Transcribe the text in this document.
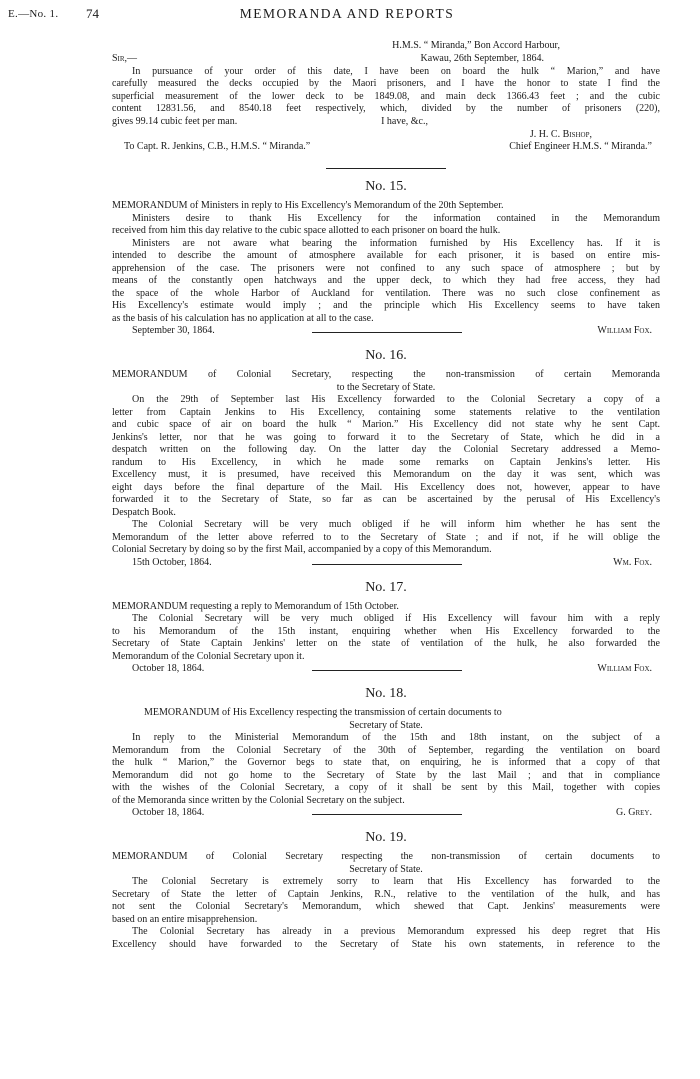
MEMORANDA AND REPORTS
E.—No. 1. 74
H.M.S. “ Miranda,” Bon Accord Harbour,
Sir,—	Kawau, 26th September, 1864.
In pursuance of your order of this date, I have been on board the hulk “ Marion,” and have
carefully measured the decks occupied by the Maori prisoners, and I have the honor to state I find the
superficial measurement of the lower deck to be 1849.08, and main deck 1366.43 feet ; and the cubic
content 12831.56, and 8540.18 feet respectively, which, divided by the number of prisoners (220),
gives 99.14 cubic feet per man.	I have, &c.,
J. H. C. Bishop,
To Capt. R. Jenkins, C.B., H.M.S. “ Miranda.”	Chief Engineer H.M.S. “ Miranda.”
No. 15.
MEMORANDUM of Ministers in reply to His Excellency's Memorandum of the 20th September.
Ministers desire to thank His Excellency for the information contained in the Memorandum
received from him this day relative to the cubic space allotted to each prisoner on board the hulk.
Ministers are not aware what bearing the information furnished by His Excellency has. If it is
intended to describe the amount of atmosphere available for each prisoner, it is based on entire mis-
apprehension of the case. The prisoners were not confined to any such space of atmosphere ; but by
means of the constantly open hatchways and the upper deck, to which they had free access, they had
the space of the whole Harbor of Auckland for ventilation. There was no such close confinement as
His Excellency's estimate would imply ; and the principle which His Excellency seems to have taken
as the basis of his calculation has no application at all to the case.
September 30, 1864.	William Fox.
No. 16.
MEMORANDUM of Colonial Secretary, respecting the non-transmission of certain Memoranda
to the Secretary of State.
On the 29th of September last His Excellency forwarded to the Colonial Secretary a copy of a
letter from Captain Jenkins to His Excellency, containing some statements relative to the ventilation
and cubic space of air on board the hulk “ Marion.” His Excellency did not state why he sent Capt.
Jenkins's letter, nor that he was going to forward it to the Secretary of State, which he did in a
despatch written on the following day. On the latter day the Colonial Secretary addressed a Memo-
randum to His Excellency, in which he made some remarks on Captain Jenkins's letter. His
Excellency must, it is presumed, have received this Memorandum on the day it was sent, which was
eight days before the final departure of the Mail. His Excellency does not, however, appear to have
forwarded it to the Secretary of State, so far as can be ascertained by the perusal of His Excellency's
Despatch Book.
The Colonial Secretary will be very much obliged if he will inform him whether he has sent the
Memorandum of the letter above referred to to the Secretary of State ; and if not, if he will oblige the
Colonial Secretary by doing so by the first Mail, accompanied by a copy of this Memorandum.
15th October, 1864.	Wm. Fox.
No. 17.
MEMORANDUM requesting a reply to Memorandum of 15th October.
The Colonial Secretary will be very much obliged if His Excellency will favour him with a reply
to his Memorandum of the 15th instant, enquiring whether when His Excellency forwarded to the
Secretary of State Captain Jenkins' letter on the state of ventilation of the hulk, he also forwarded the
Memorandum of the Colonial Secretary upon it.
October 18, 1864.	William Fox.
No. 18.
MEMORANDUM of His Excellency respecting the transmission of certain documents to
Secretary of State.
In reply to the Ministerial Memorandum of the 15th and 18th instant, on the subject of a
Memorandum from the Colonial Secretary of the 30th of September, regarding the ventilation on board
the hulk “ Marion,” the Governor begs to state that, on enquiring, he is informed that a copy of that
Memorandum did not go home to the Secretary of State by the last Mail ; and that in compliance
with the wishes of the Colonial Secretary, a copy of it shall be sent by this Mail, together with copies
of the Memoranda since written by the Colonial Secretary on the subject.
October 18, 1864.	G. Grey.
No. 19.
MEMORANDUM of Colonial Secretary respecting the non-transmission of certain documents to
Secretary of State.
The Colonial Secretary is extremely sorry to learn that His Excellency has forwarded to the
Secretary of State the letter of Captain Jenkins, R.N., relative to the ventilation of the hulk, and has
not sent the Colonial Secretary's Memorandum, which shewed that Capt. Jenkins' measurements were
based on an entire misapprehension.
The Colonial Secretary has already in a previous Memorandum expressed his deep regret that His
Excellency should have forwarded to the Secretary of State his own statements, in reference to the
